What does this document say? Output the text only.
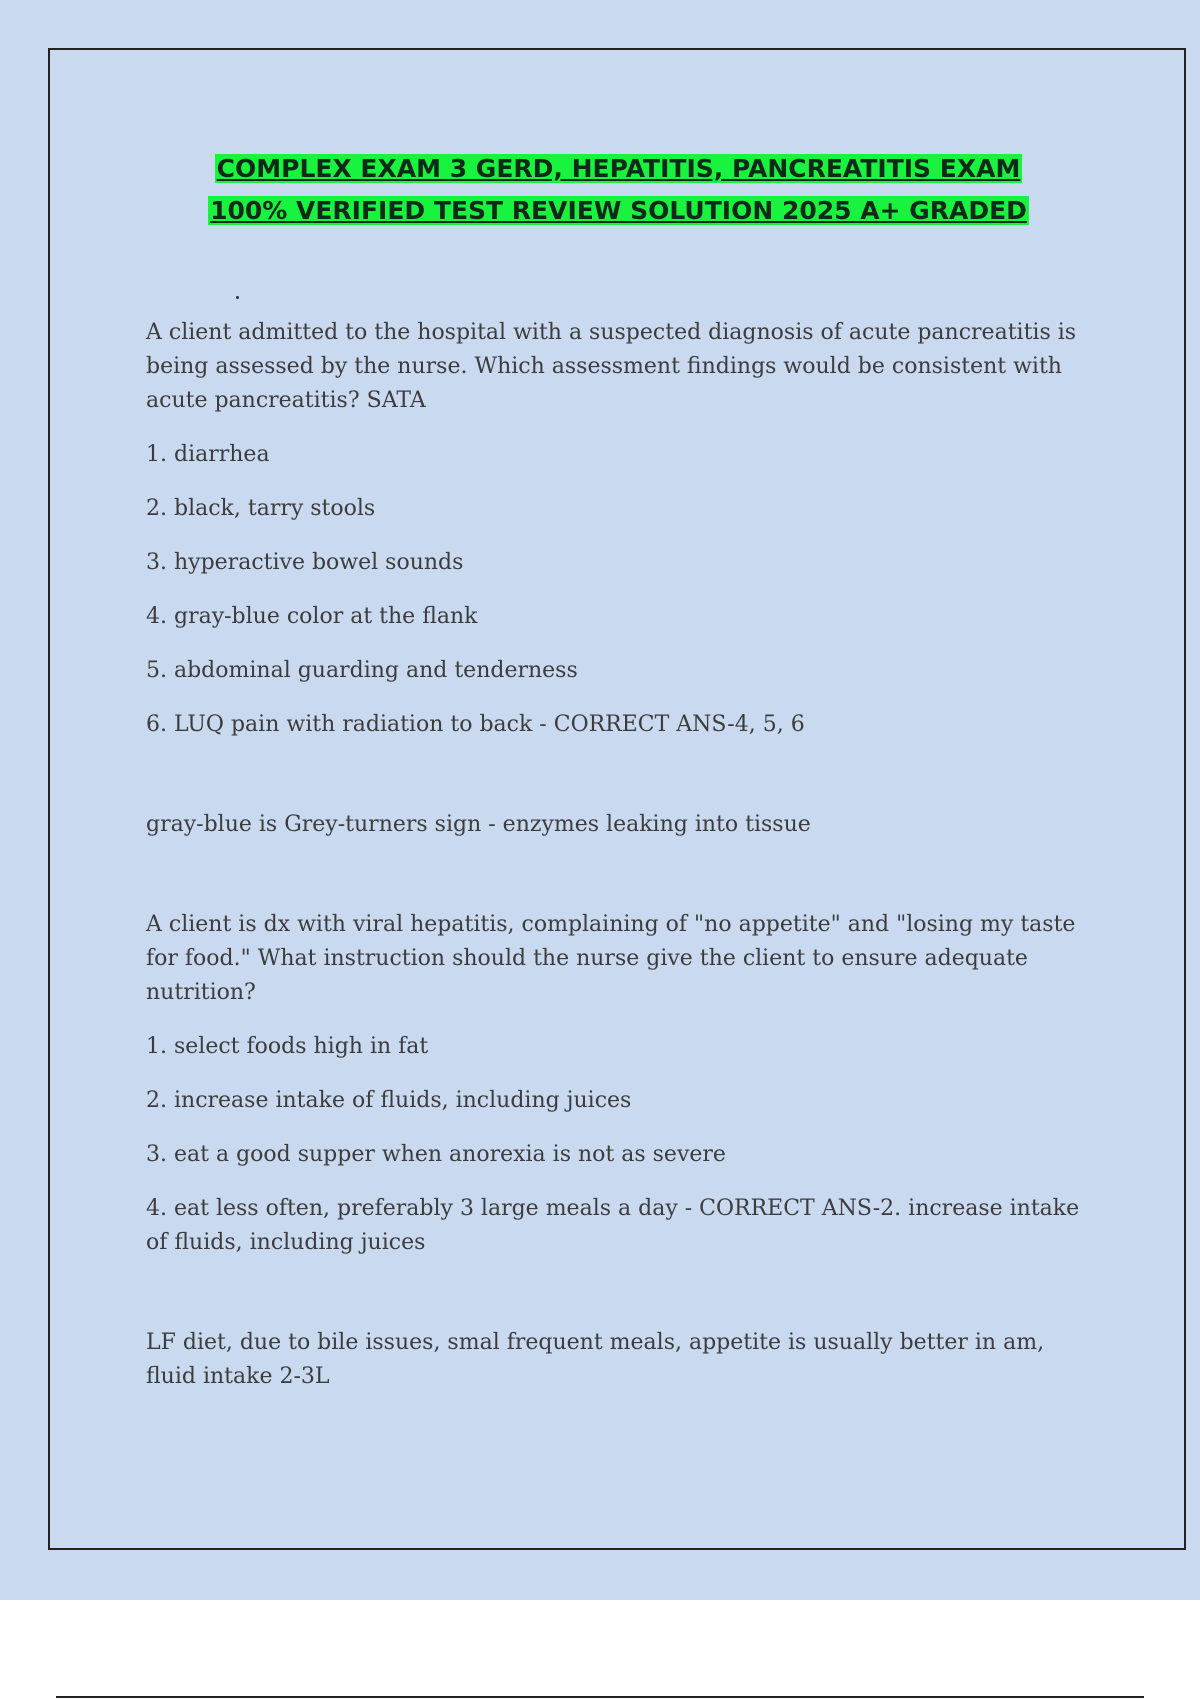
COMPLEX EXAM 3 GERD, HEPATITIS, PANCREATITIS EXAM
100% VERIFIED TEST REVIEW SOLUTION 2025 A+ GRADED

A client admitted to the hospital with a suspected diagnosis of acute pancreatitis is being assessed by the nurse. Which assessment findings would be consistent with acute pancreatitis? SATA

1. diarrhea

2. black, tarry stools

3. hyperactive bowel sounds

4. gray-blue color at the flank

5. abdominal guarding and tenderness

6. LUQ pain with radiation to back - CORRECT ANS-4, 5, 6

gray-blue is Grey-turners sign - enzymes leaking into tissue

A client is dx with viral hepatitis, complaining of "no appetite" and "losing my taste for food." What instruction should the nurse give the client to ensure adequate nutrition?

1. select foods high in fat

2. increase intake of fluids, including juices

3. eat a good supper when anorexia is not as severe

4. eat less often, preferably 3 large meals a day - CORRECT ANS-2. increase intake of fluids, including juices

LF diet, due to bile issues, smal frequent meals, appetite is usually better in am, fluid intake 2-3L
